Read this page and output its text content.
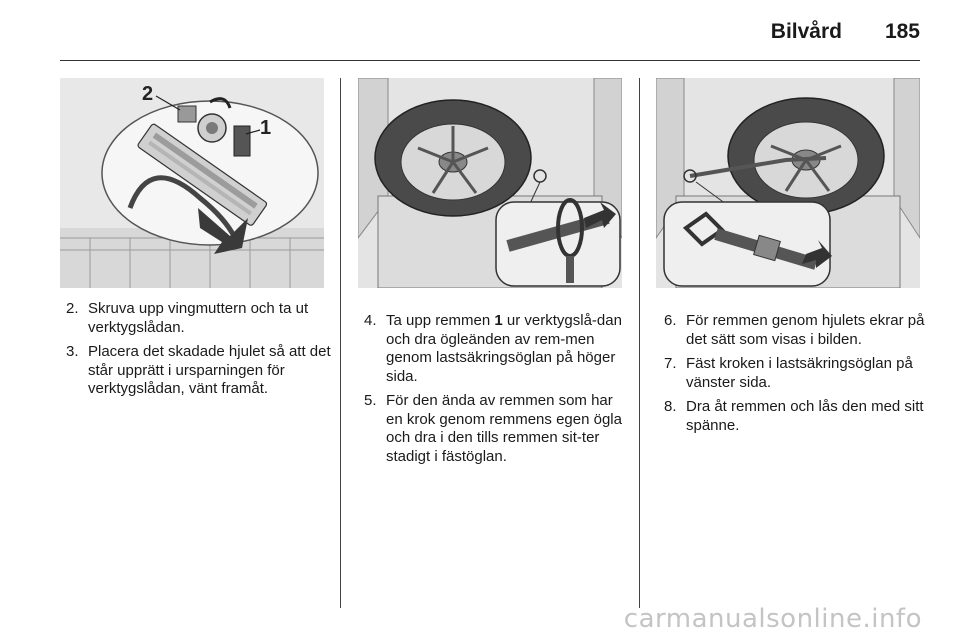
Bilvård 185
2
1
2. Skruva upp vingmuttern och ta ut verktygslådan.
3. Placera det skadade hjulet så att det står upprätt i ursparningen för verktygslådan, vänt framåt.
4. Ta upp remmen 1 ur verktygslå-dan och dra ögleänden av rem-men genom lastsäkringsöglan på höger sida.
5. För den ända av remmen som har en krok genom remmens egen ögla och dra i den tills remmen sit-ter stadigt i fästöglan.
6. För remmen genom hjulets ekrar på det sätt som visas i bilden.
7. Fäst kroken i lastsäkringsöglan på vänster sida.
8. Dra åt remmen och lås den med sitt spänne.
carmanualsonline.info
